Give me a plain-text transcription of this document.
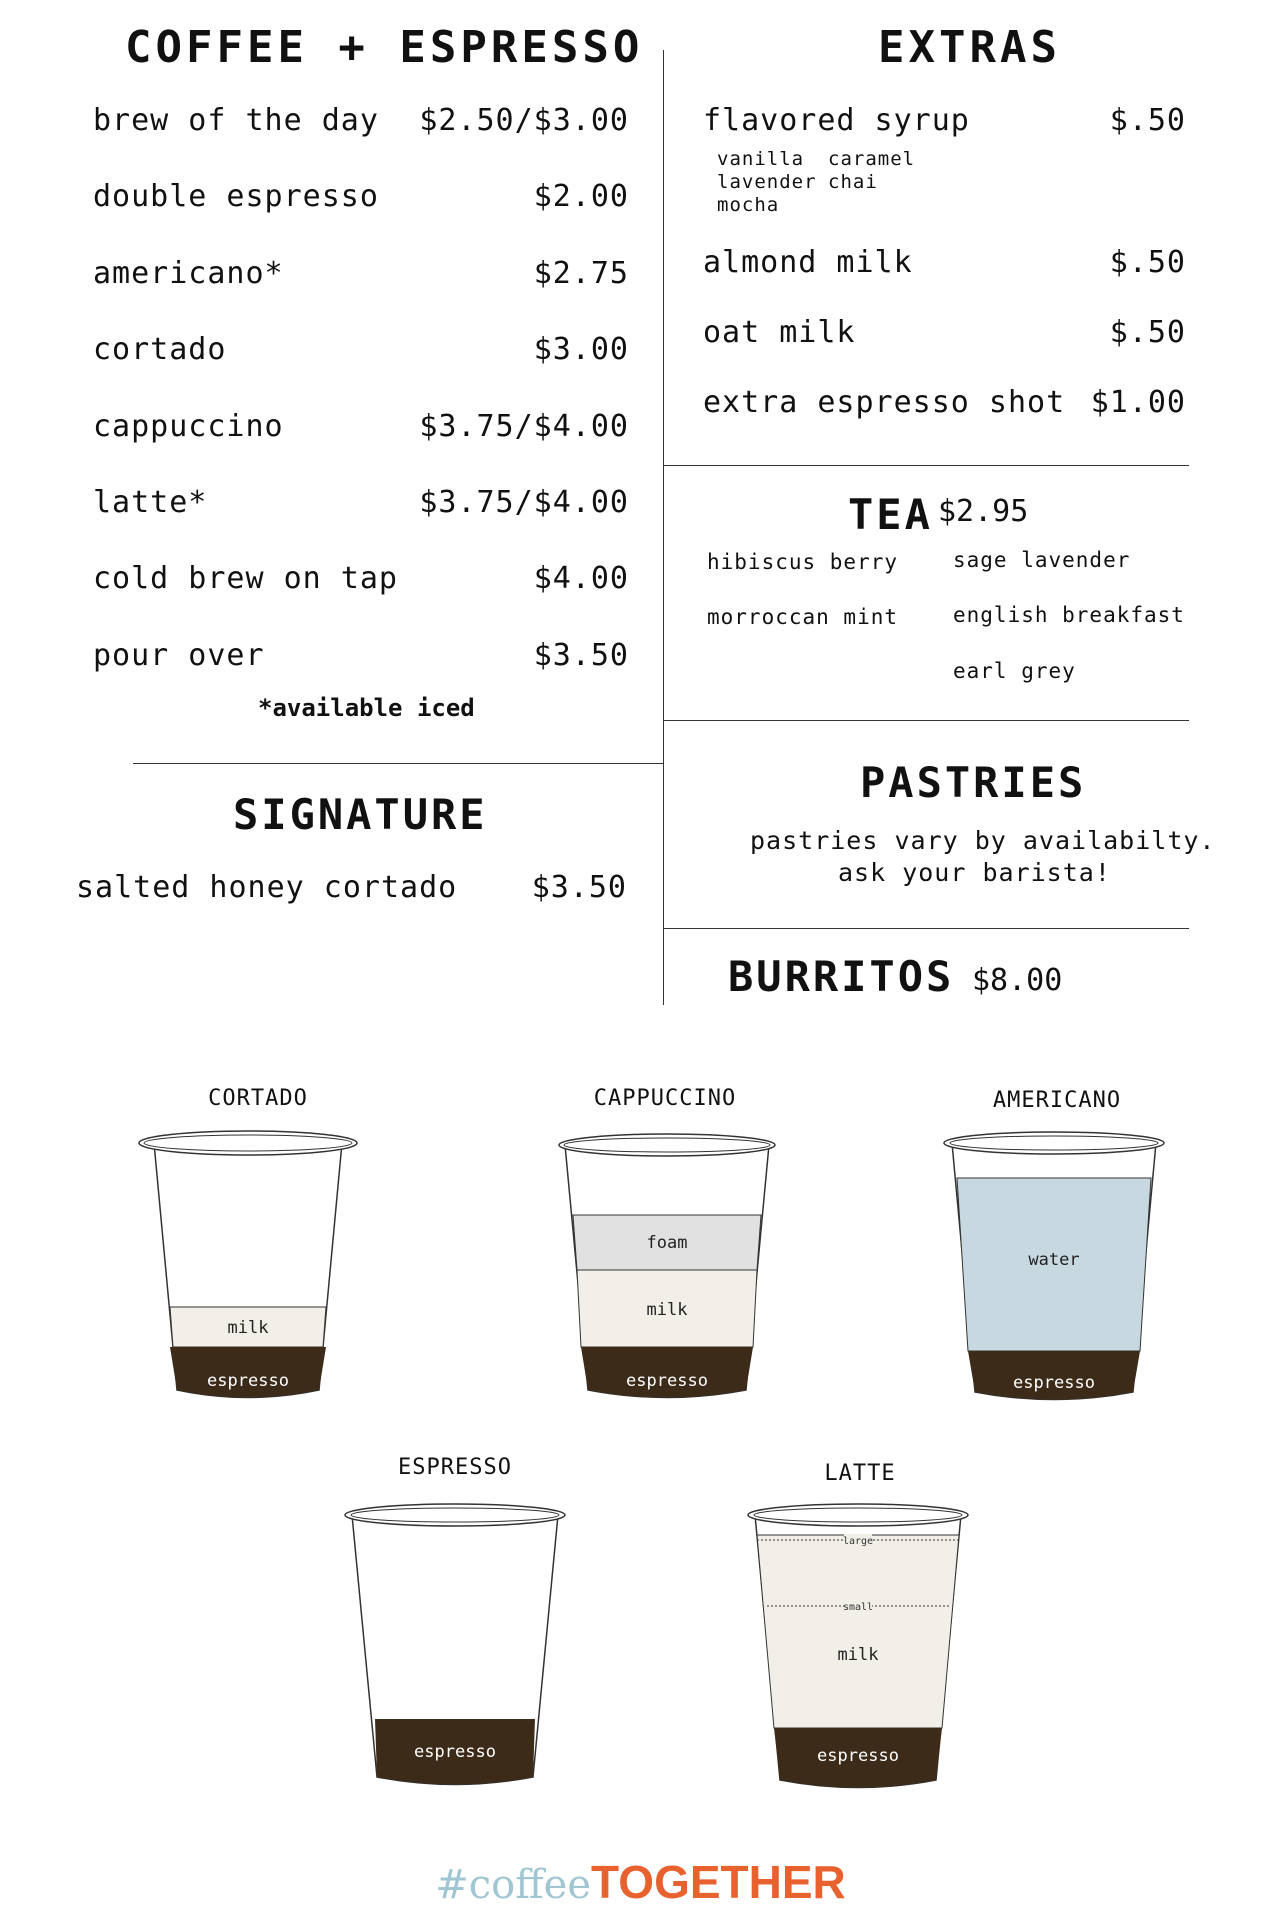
COFFEE + ESPRESSO
brew of the day $2.50/$3.00
double espresso	$2.00
americano*	$2.75
cortado	$3.00
cappuccino	$3.75/$4.00
latte*	$3.75/$4.00
cold brew on tap	$4.00
pour over	$3.50
*available iced
SIGNATURE
salted honey cortado $3.50
EXTRAS
flavored syrup	$.50
vanilla caramel
lavender chai
mocha
almond milk	$.50
oat milk	$.50
extra espresso shot $1.00
TEA $2.95
hibiscus berry	sage lavender
morroccan mint	english breakfast
earl grey
PASTRIES
pastries vary by availabilty.
ask your barista!
BURRITOS $8.00
CORTADO
milk
espresso
CAPPUCCINO
foam
milk
espresso
AMERICANO
water
espresso
ESPRESSO
espresso
LATTE
large
small
milk
espresso
#coffeeTOGETHER
